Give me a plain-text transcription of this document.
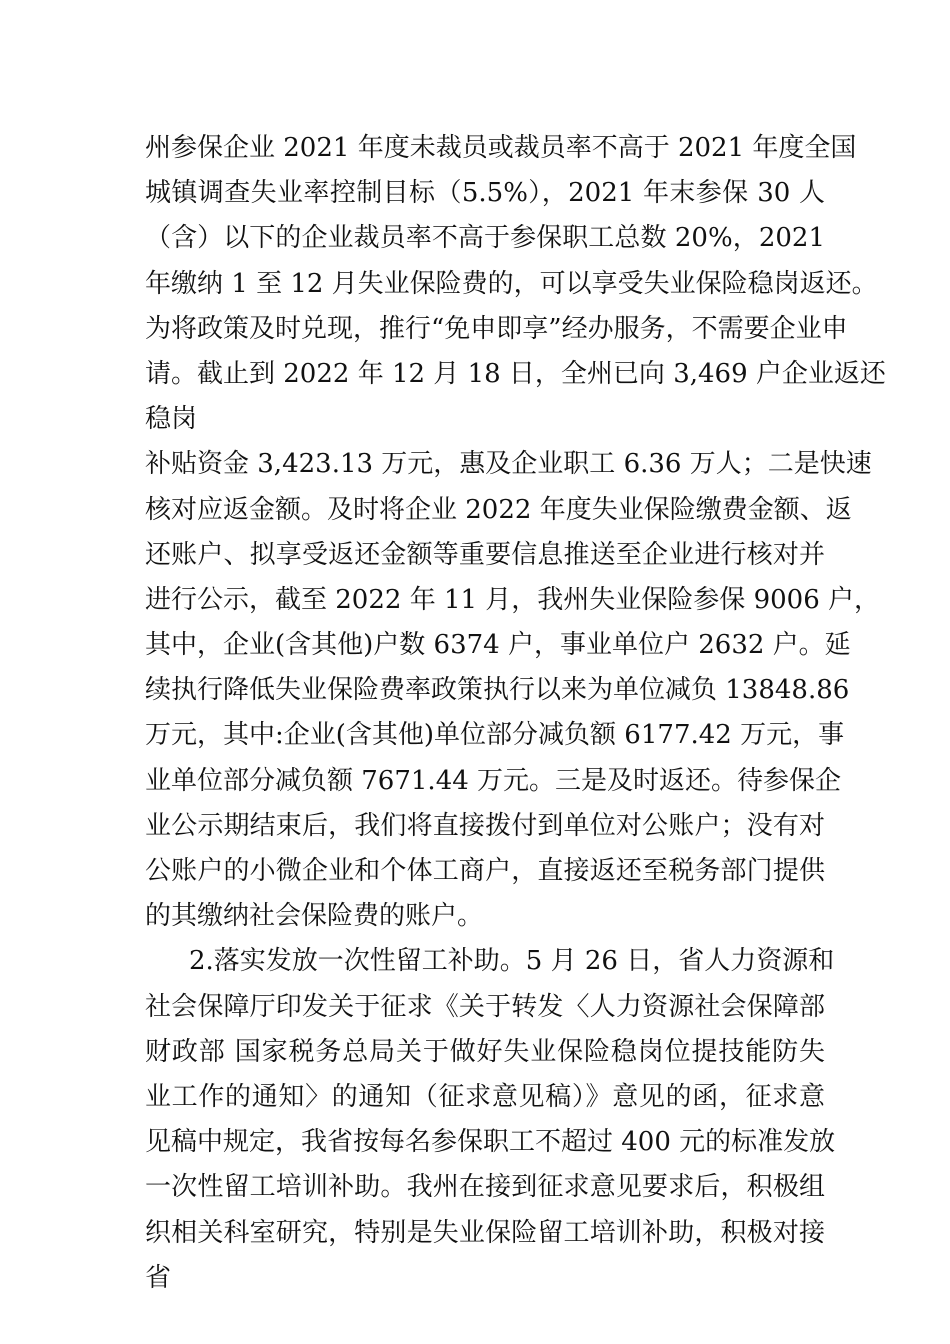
州参保企业 2021 年度未裁员或裁员率不高于 2021 年度全国
城镇调查失业率控制目标（5.5%），2021 年末参保 30 人
（含）以下的企业裁员率不高于参保职工总数 20%，2021
年缴纳 1 至 12 月失业保险费的，可以享受失业保险稳岗返还。
为将政策及时兑现，推行“免申即享”经办服务，不需要企业申
请。截止到 2022 年 12 月 18 日，全州已向 3,469 户企业返还
稳岗
补贴资金 3,423.13 万元，惠及企业职工 6.36 万人；二是快速
核对应返金额。及时将企业 2022 年度失业保险缴费金额、返
还账户、拟享受返还金额等重要信息推送至企业进行核对并
进行公示，截至 2022 年 11 月，我州失业保险参保 9006 户，
其中，企业(含其他)户数 6374 户，事业单位户 2632 户。延
续执行降低失业保险费率政策执行以来为单位减负 13848.86
万元，其中:企业(含其他)单位部分减负额 6177.42 万元，事
业单位部分减负额 7671.44 万元。三是及时返还。待参保企
业公示期结束后，我们将直接拨付到单位对公账户；没有对
公账户的小微企业和个体工商户，直接返还至税务部门提供
的其缴纳社会保险费的账户。
2.落实发放一次性留工补助。5 月 26 日，省人力资源和
社会保障厅印发关于征求《关于转发〈人力资源社会保障部
财政部 国家税务总局关于做好失业保险稳岗位提技能防失
业工作的通知〉的通知（征求意见稿）》意见的函，征求意
见稿中规定，我省按每名参保职工不超过 400 元的标准发放
一次性留工培训补助。我州在接到征求意见要求后，积极组
织相关科室研究，特别是失业保险留工培训补助，积极对接
省
